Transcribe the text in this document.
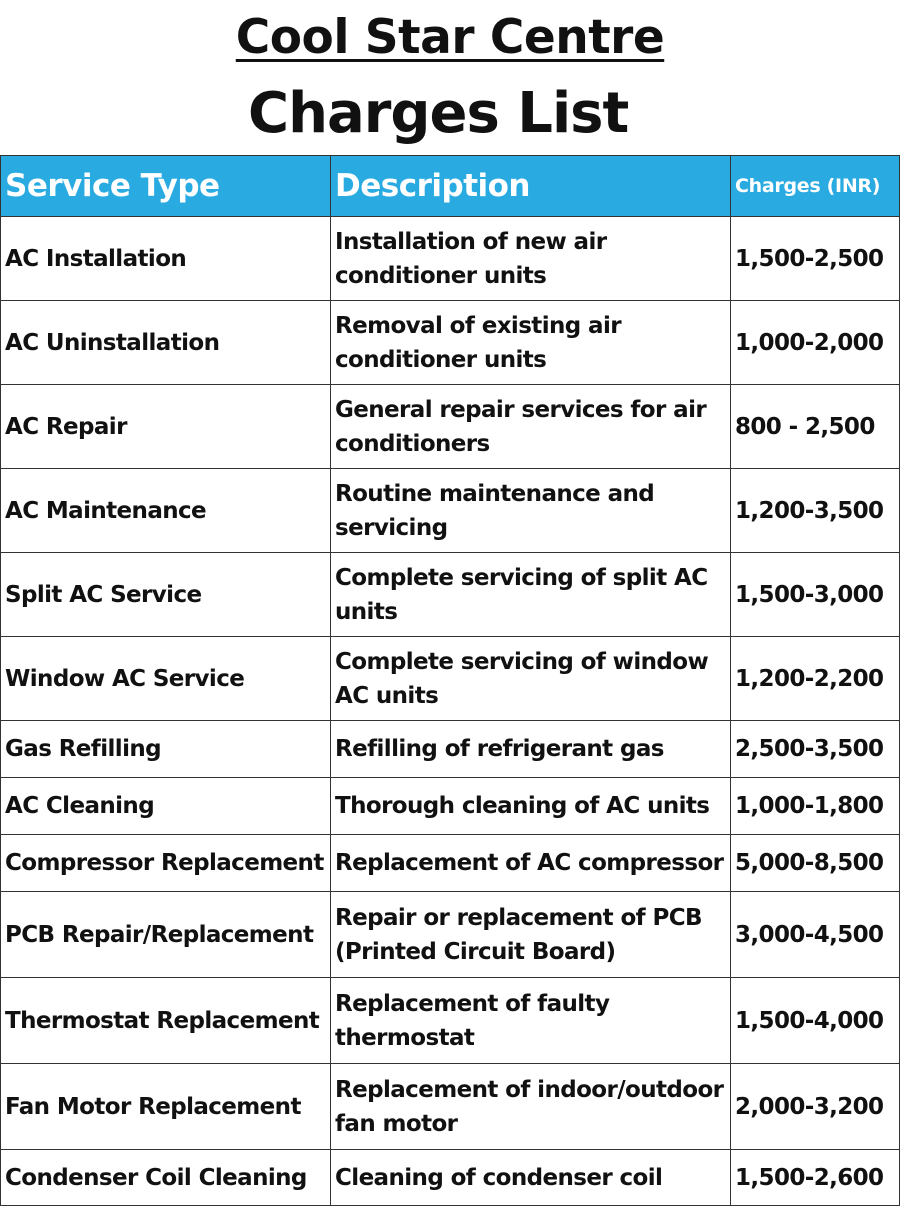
Cool Star Centre
Charges List
Service Type	Description	Charges (INR)
AC Installation	Installation of new air conditioner units	1,500-2,500
AC Uninstallation	Removal of existing air conditioner units	1,000-2,000
AC Repair	General repair services for air conditioners	800 - 2,500
AC Maintenance	Routine maintenance and servicing	1,200-3,500
Split AC Service	Complete servicing of split AC units	1,500-3,000
Window AC Service	Complete servicing of window AC units	1,200-2,200
Gas Refilling	Refilling of refrigerant gas	2,500-3,500
AC Cleaning	Thorough cleaning of AC units	1,000-1,800
Compressor Replacement	Replacement of AC compressor	5,000-8,500
PCB Repair/Replacement	Repair or replacement of PCB (Printed Circuit Board)	3,000-4,500
Thermostat Replacement	Replacement of faulty thermostat	1,500-4,000
Fan Motor Replacement	Replacement of indoor/outdoor fan motor	2,000-3,200
Condenser Coil Cleaning	Cleaning of condenser coil	1,500-2,600
